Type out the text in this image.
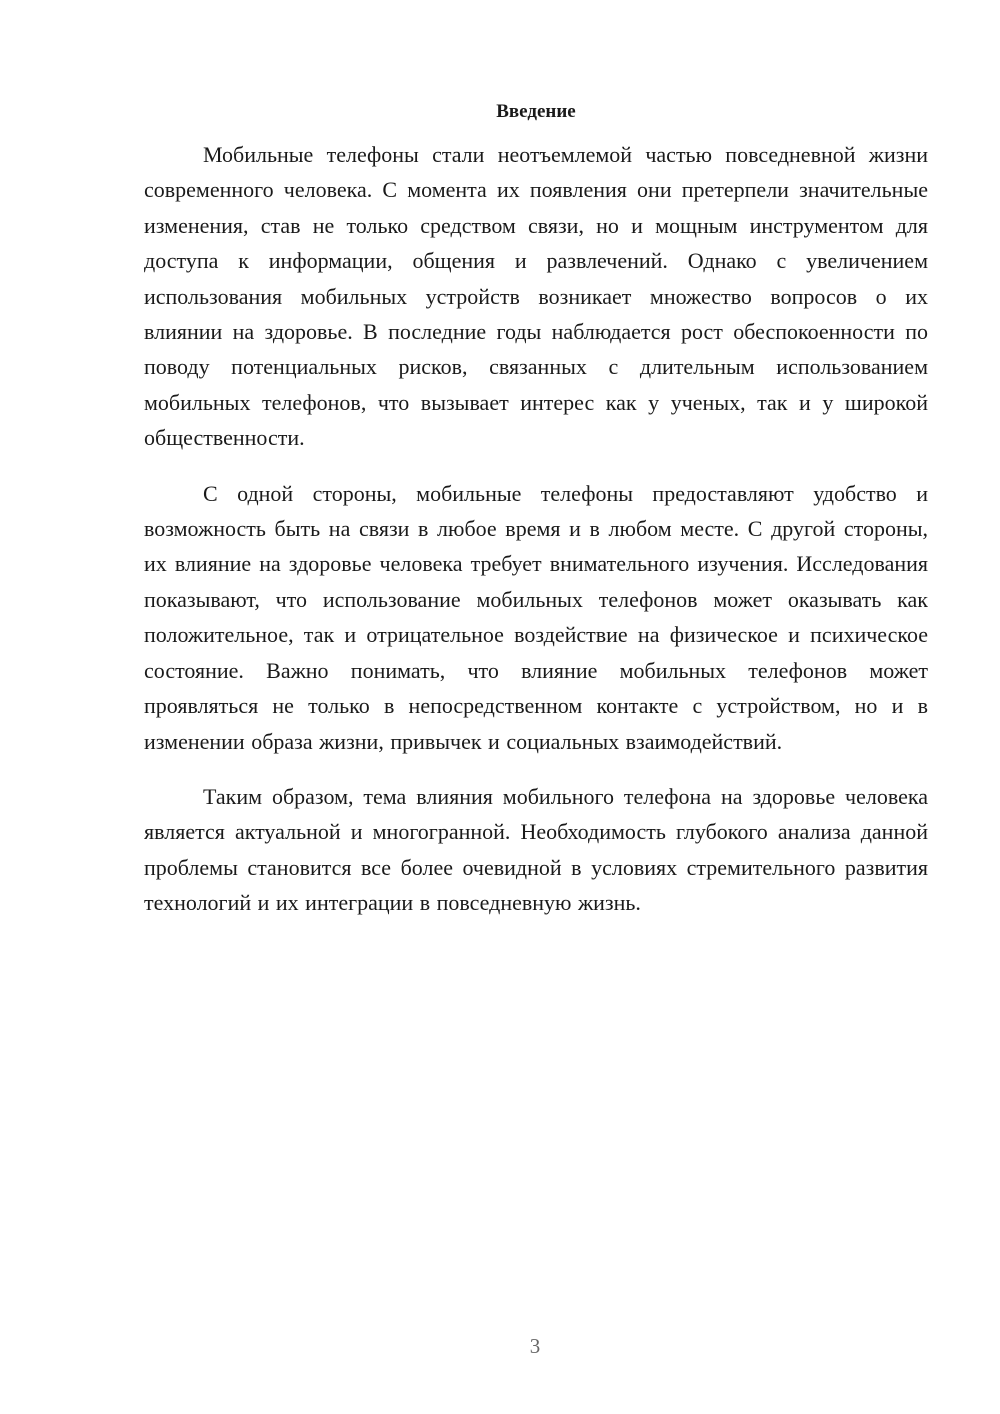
Введение

Мобильные телефоны стали неотъемлемой частью повседневной жизни современного человека. С момента их появления они претерпели значительные изменения, став не только средством связи, но и мощным инструментом для доступа к информации, общения и развлечений. Однако с увеличением использования мобильных устройств возникает множество вопросов о их влиянии на здоровье. В последние годы наблюдается рост обеспокоенности по поводу потенциальных рисков, связанных с длительным использованием мобильных телефонов, что вызывает интерес как у ученых, так и у широкой общественности.

С одной стороны, мобильные телефоны предоставляют удобство и возможность быть на связи в любое время и в любом месте. С другой стороны, их влияние на здоровье человека требует внимательного изучения. Исследования показывают, что использование мобильных телефонов может оказывать как положительное, так и отрицательное воздействие на физическое и психическое состояние. Важно понимать, что влияние мобильных телефонов может проявляться не только в непосредственном контакте с устройством, но и в изменении образа жизни, привычек и социальных взаимодействий.

Таким образом, тема влияния мобильного телефона на здоровье человека является актуальной и многогранной. Необходимость глубокого анализа данной проблемы становится все более очевидной в условиях стремительного развития технологий и их интеграции в повседневную жизнь.

3
